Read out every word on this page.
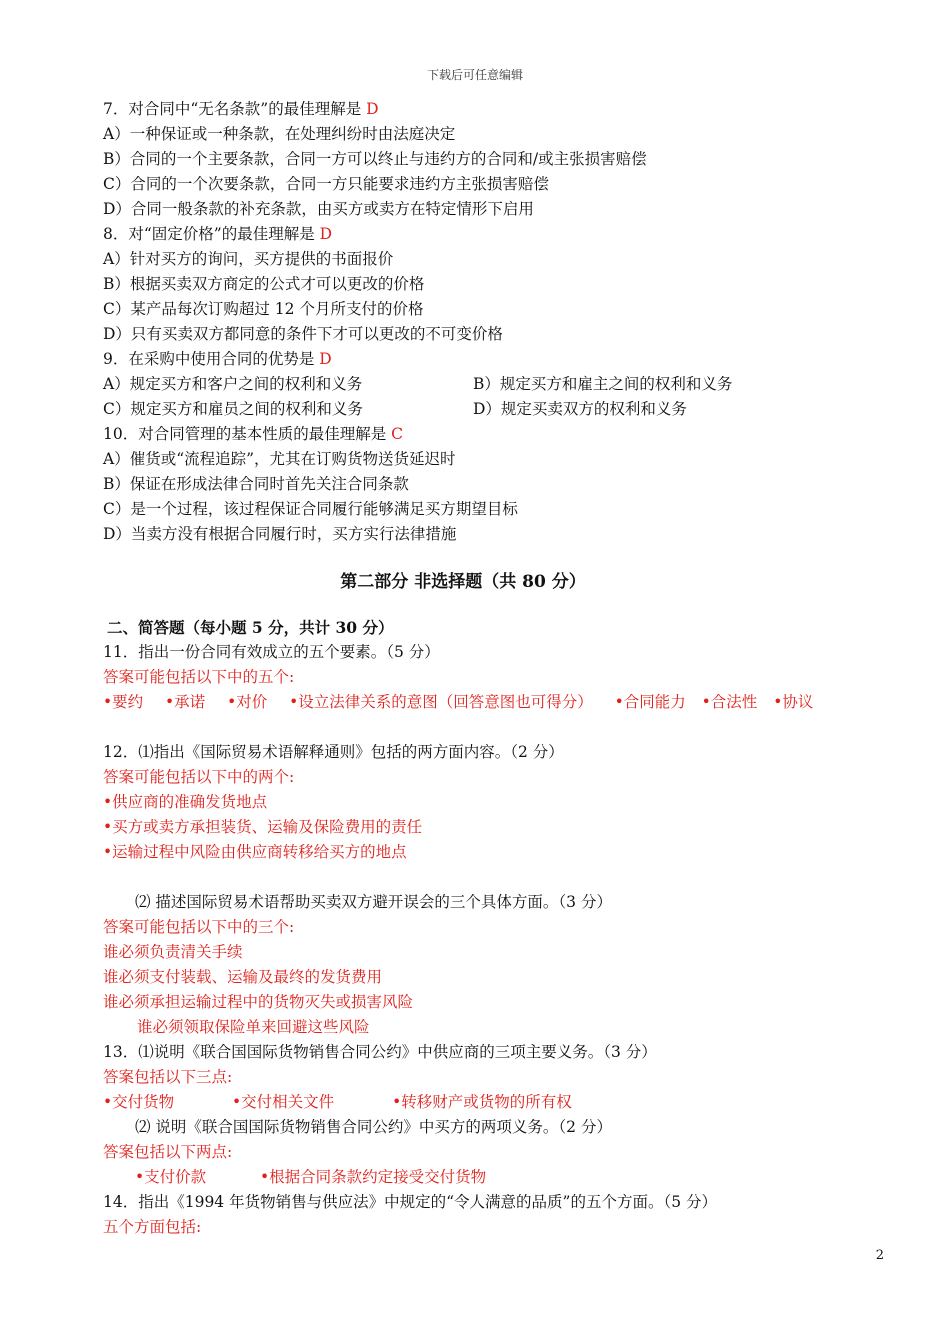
下载后可任意编辑
7．对合同中“无名条款”的最佳理解是 D
A）一种保证或一种条款，在处理纠纷时由法庭决定
B）合同的一个主要条款，合同一方可以终止与违约方的合同和/或主张损害赔偿
C）合同的一个次要条款，合同一方只能要求违约方主张损害赔偿
D）合同一般条款的补充条款，由买方或卖方在特定情形下启用
8．对“固定价格”的最佳理解是 D
A）针对买方的询问，买方提供的书面报价
B）根据买卖双方商定的公式才可以更改的价格
C）某产品每次订购超过 12 个月所支付的价格
D）只有买卖双方都同意的条件下才可以更改的不可变价格
9．在采购中使用合同的优势是 D
A）规定买方和客户之间的权利和义务	B）规定买方和雇主之间的权利和义务
C）规定买方和雇员之间的权利和义务	D）规定买卖双方的权利和义务
10．对合同管理的基本性质的最佳理解是 C
A）催货或“流程追踪”，尤其在订购货物送货延迟时
B）保证在形成法律合同时首先关注合同条款
C）是一个过程，该过程保证合同履行能够满足买方期望目标
D）当卖方没有根据合同履行时，买方实行法律措施
第二部分 非选择题（共 80 分）
二、简答题（每小题 5 分，共计 30 分）
11．指出一份合同有效成立的五个要素。（5 分）
答案可能包括以下中的五个:
•要约 •承诺 •对价 •设立法律关系的意图（回答意图也可得分） •合同能力 •合法性 •协议
12．⑴指出《国际贸易术语解释通则》包括的两方面内容。（2 分）
答案可能包括以下中的两个:
•供应商的准确发货地点
•买方或卖方承担装货、运输及保险费用的责任
•运输过程中风险由供应商转移给买方的地点
⑵ 描述国际贸易术语帮助买卖双方避开误会的三个具体方面。（3 分）
答案可能包括以下中的三个:
谁必须负责清关手续
谁必须支付装载、运输及最终的发货费用
谁必须承担运输过程中的货物灭失或损害风险
谁必须领取保险单来回避这些风险
13．⑴说明《联合国国际货物销售合同公约》中供应商的三项主要义务。（3 分）
答案包括以下三点:
•交付货物	•交付相关文件	•转移财产或货物的所有权
⑵ 说明《联合国国际货物销售合同公约》中买方的两项义务。（2 分）
答案包括以下两点:
•支付价款	•根据合同条款约定接受交付货物
14．指出《1994 年货物销售与供应法》中规定的“令人满意的品质”的五个方面。（5 分）
五个方面包括:
2
